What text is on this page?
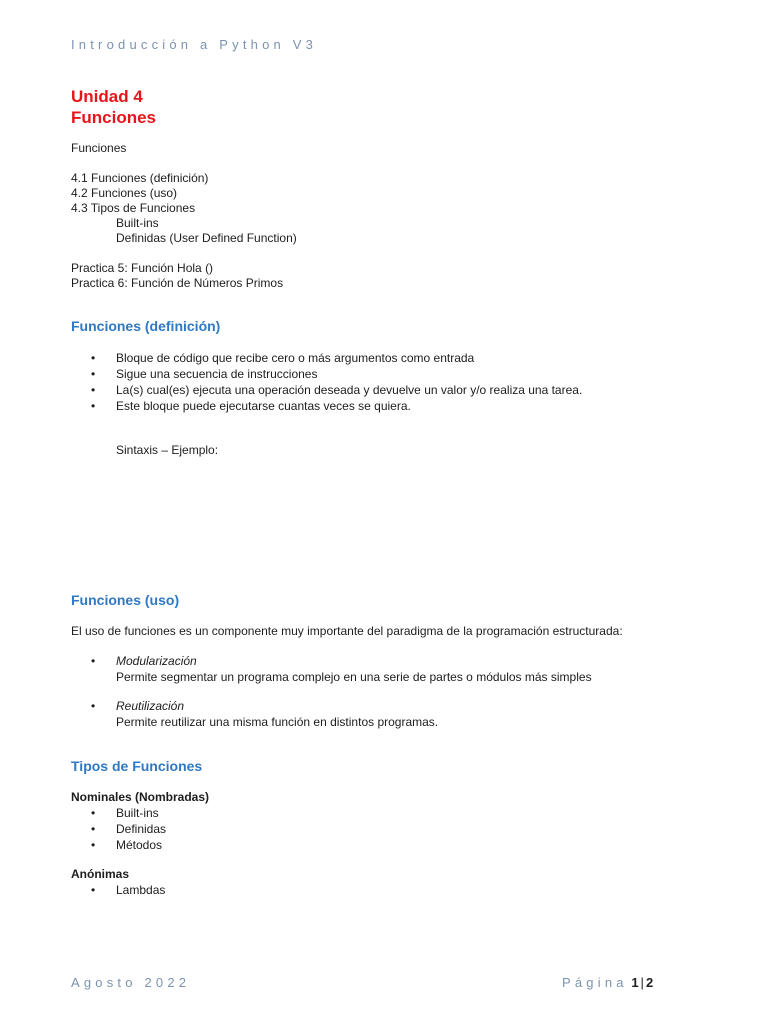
Introducción a Python V3
Unidad 4
Funciones
Funciones
4.1 Funciones (definición)
4.2 Funciones (uso)
4.3 Tipos de Funciones
Built-ins
Definidas (User Defined Function)
Practica 5: Función Hola ()
Practica 6: Función de Números Primos
Funciones (definición)
• Bloque de código que recibe cero o más argumentos como entrada
• Sigue una secuencia de instrucciones
• La(s) cual(es) ejecuta una operación deseada y devuelve un valor y/o realiza una tarea.
• Este bloque puede ejecutarse cuantas veces se quiera.
Sintaxis – Ejemplo:
Funciones (uso)
El uso de funciones es un componente muy importante del paradigma de la programación estructurada:
• Modularización
Permite segmentar un programa complejo en una serie de partes o módulos más simples
• Reutilización
Permite reutilizar una misma función en distintos programas.
Tipos de Funciones
Nominales (Nombradas)
• Built-ins
• Definidas
• Métodos
Anónimas
• Lambdas
Agosto 2022	Página 1 | 2
